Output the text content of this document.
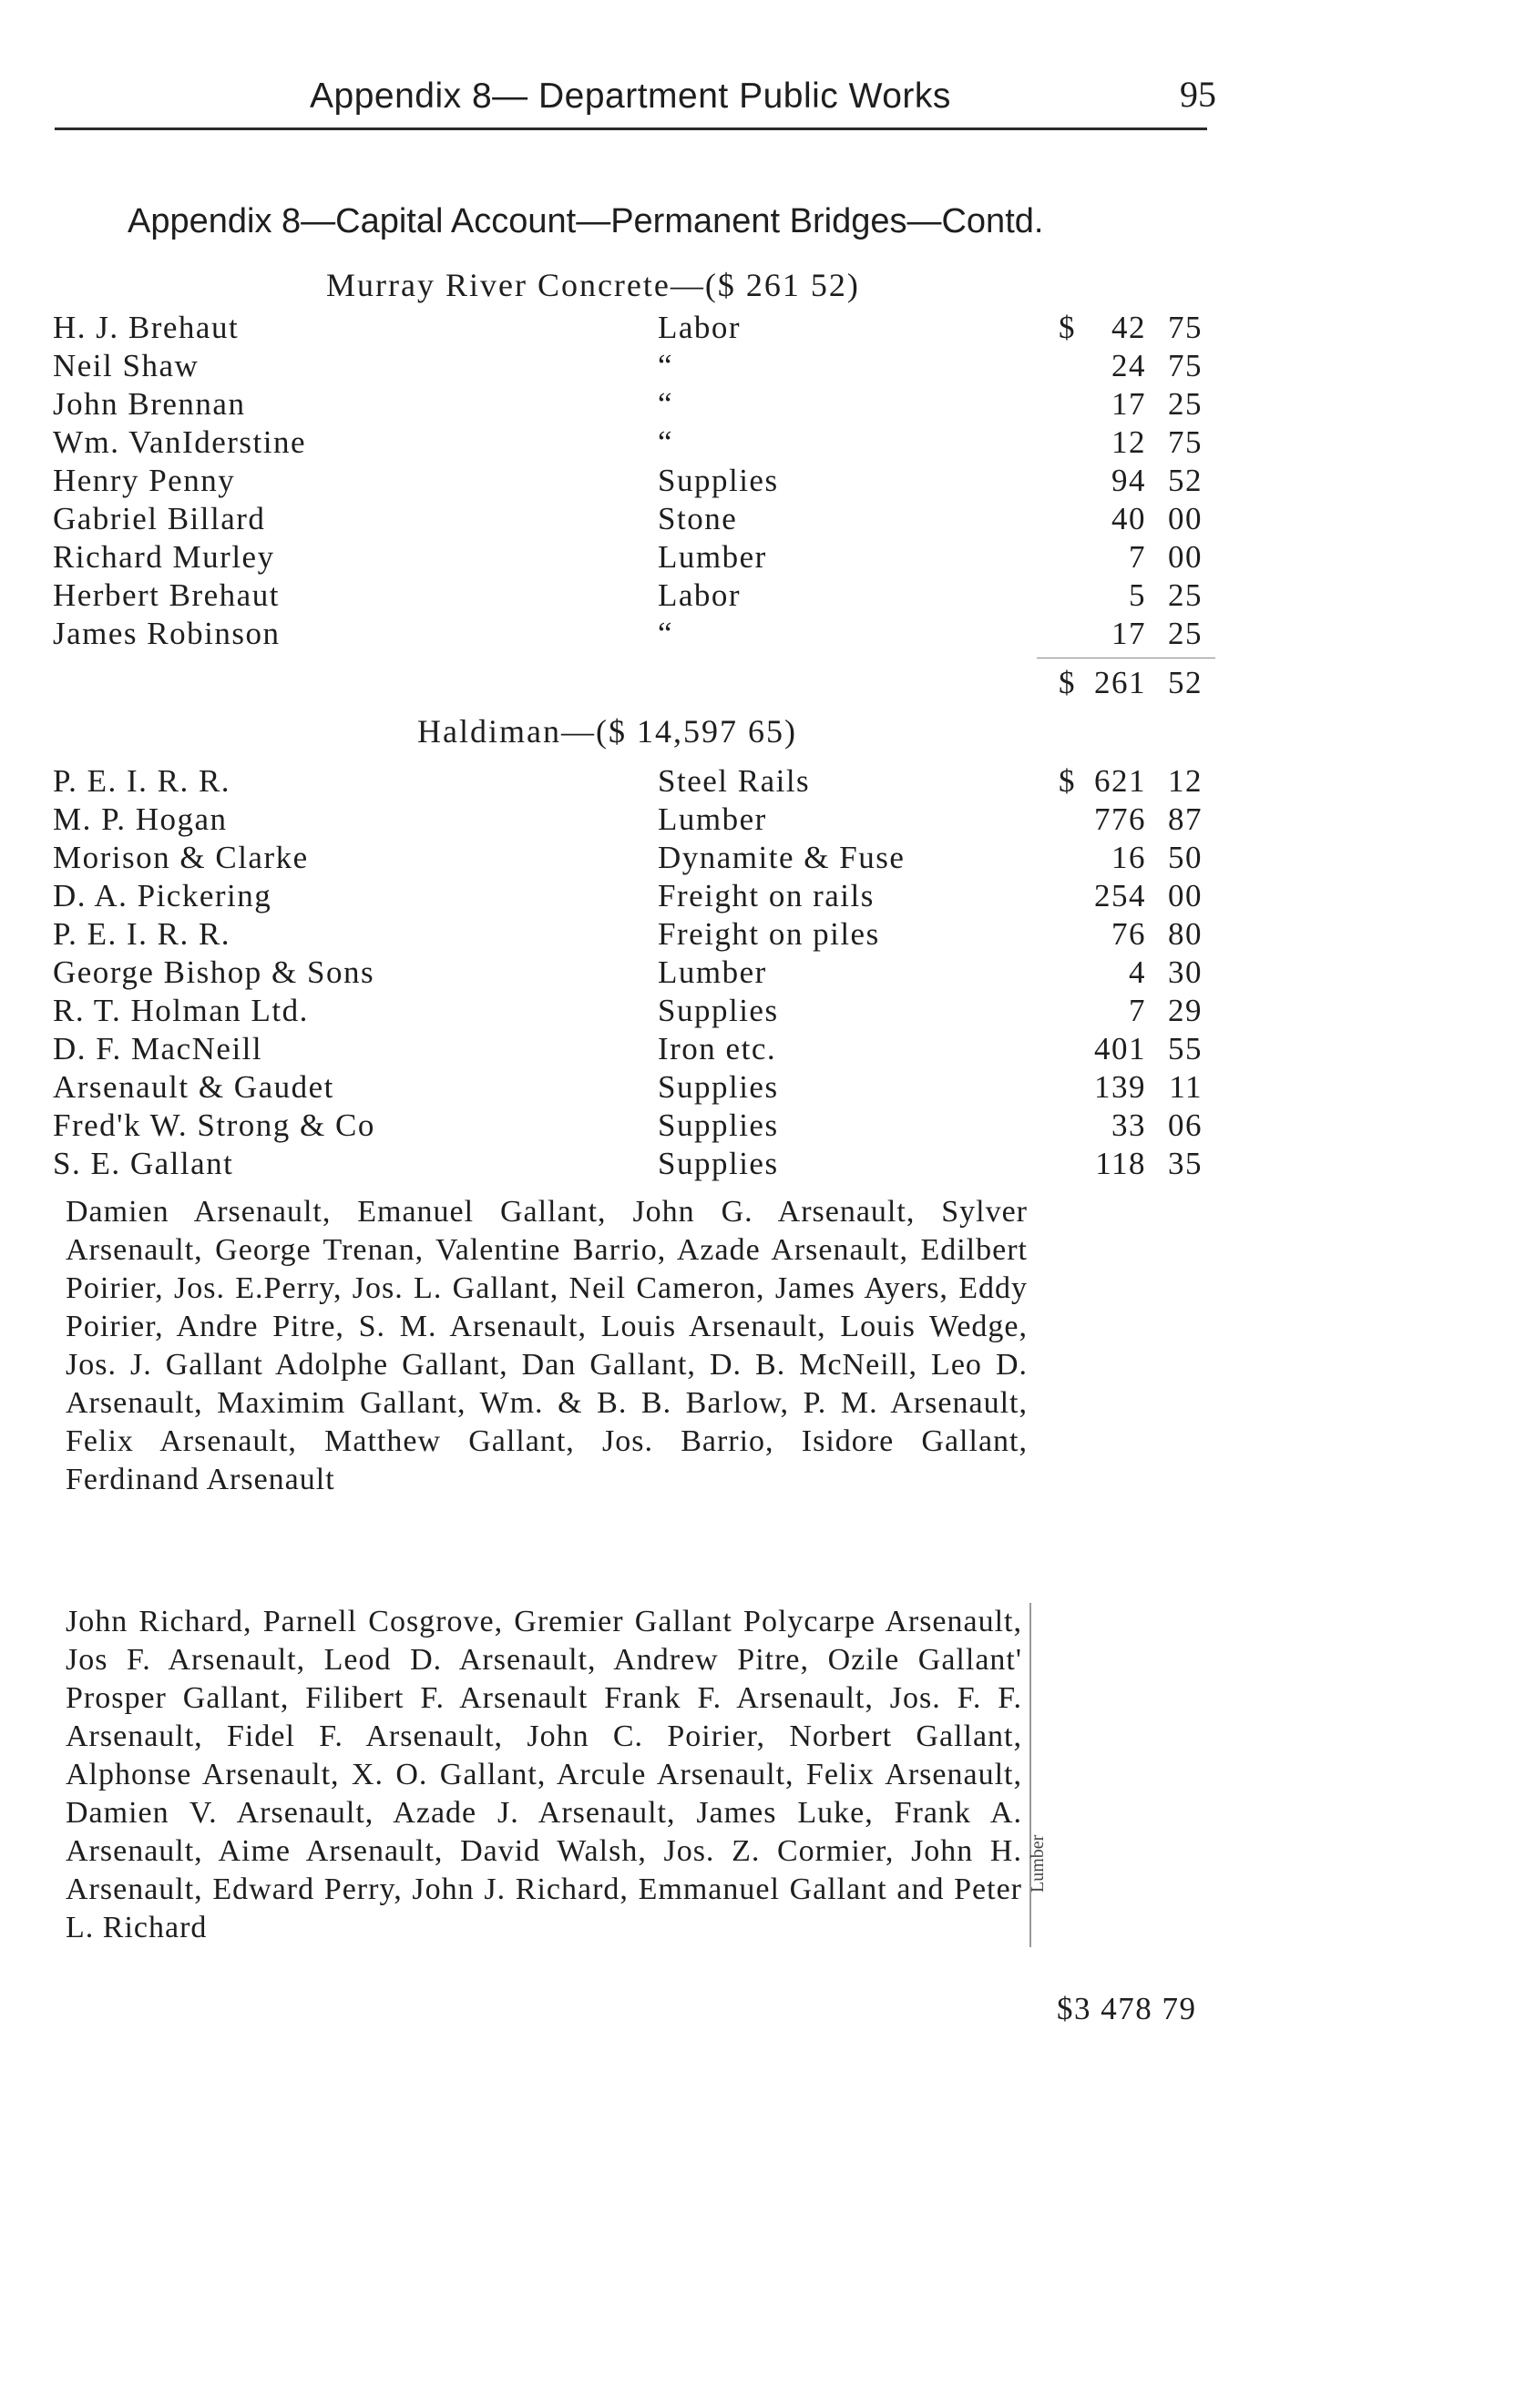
Appendix 8— Department Public Works	95
Appendix 8—Capital Account—Permanent Bridges—Contd.
Murray River Concrete—($ 261 52)
H. J. Brehaut	Labor	$ 42 75
Neil Shaw	“	24 75
John Brennan	“	17 25
Wm. VanIderstine	“	12 75
Henry Penny	Supplies	94 52
Gabriel Billard	Stone	40 00
Richard Murley	Lumber	7 00
Herbert Brehaut	Labor	5 25
James Robinson	“	17 25
$ 261 52
Haldiman—($ 14,597 65)
P. E. I. R. R.	Steel Rails	$ 621 12
M. P. Hogan	Lumber	776 87
Morison & Clarke	Dynamite & Fuse	16 50
D. A. Pickering	Freight on rails	254 00
P. E. I. R. R.	Freight on piles	76 80
George Bishop & Sons	Lumber	4 30
R. T. Holman Ltd.	Supplies	7 29
D. F. MacNeill	Iron etc.	401 55
Arsenault & Gaudet	Supplies	139 11
Fred'k W. Strong & Co	Supplies	33 06
S. E. Gallant	Supplies	118 35

Damien Arsenault, Emanuel Gallant, John G. Arsenault, Sylver Arsenault, George Trenan, Valentine Barrio, Azade Arsenault, Edilbert Poirier, Jos. E.Perry, Jos. L. Gallant, Neil Cameron, James Ayers, Eddy Poirier, Andre Pitre, S. M. Arsenault, Louis Arsenault, Louis Wedge, Jos. J. Gallant Adolphe Gallant, Dan Gallant, D. B. McNeill, Leo D. Arsenault, Maximim Gallant, Wm. & B. B. Barlow, P. M. Arsenault, Felix Arsenault, Matthew Gallant, Jos. Barrio, Isidore Gallant, Ferdinand Arsenault

John Richard, Parnell Cosgrove, Gremier Gallant Polycarpe Arsenault, Jos F. Arsenault, Leod D. Arsenault, Andrew Pitre, Ozile Gallant' Prosper Gallant, Filibert F. Arsenault Frank F. Arsenault, Jos. F. F. Arsenault, Fidel F. Arsenault, John C. Poirier, Norbert Gallant, Alphonse Arsenault, X. O. Gallant, Arcule Arsenault, Felix Arsenault, Damien V. Arsenault, Azade J. Arsenault, James Luke, Frank A. Arsenault, Aime Arsenault, David Walsh, Jos. Z. Cormier, John H. Arsenault, Edward Perry, John J. Richard, Emmanuel Gallant and Peter L. Richard

Lumber
$3 478 79
